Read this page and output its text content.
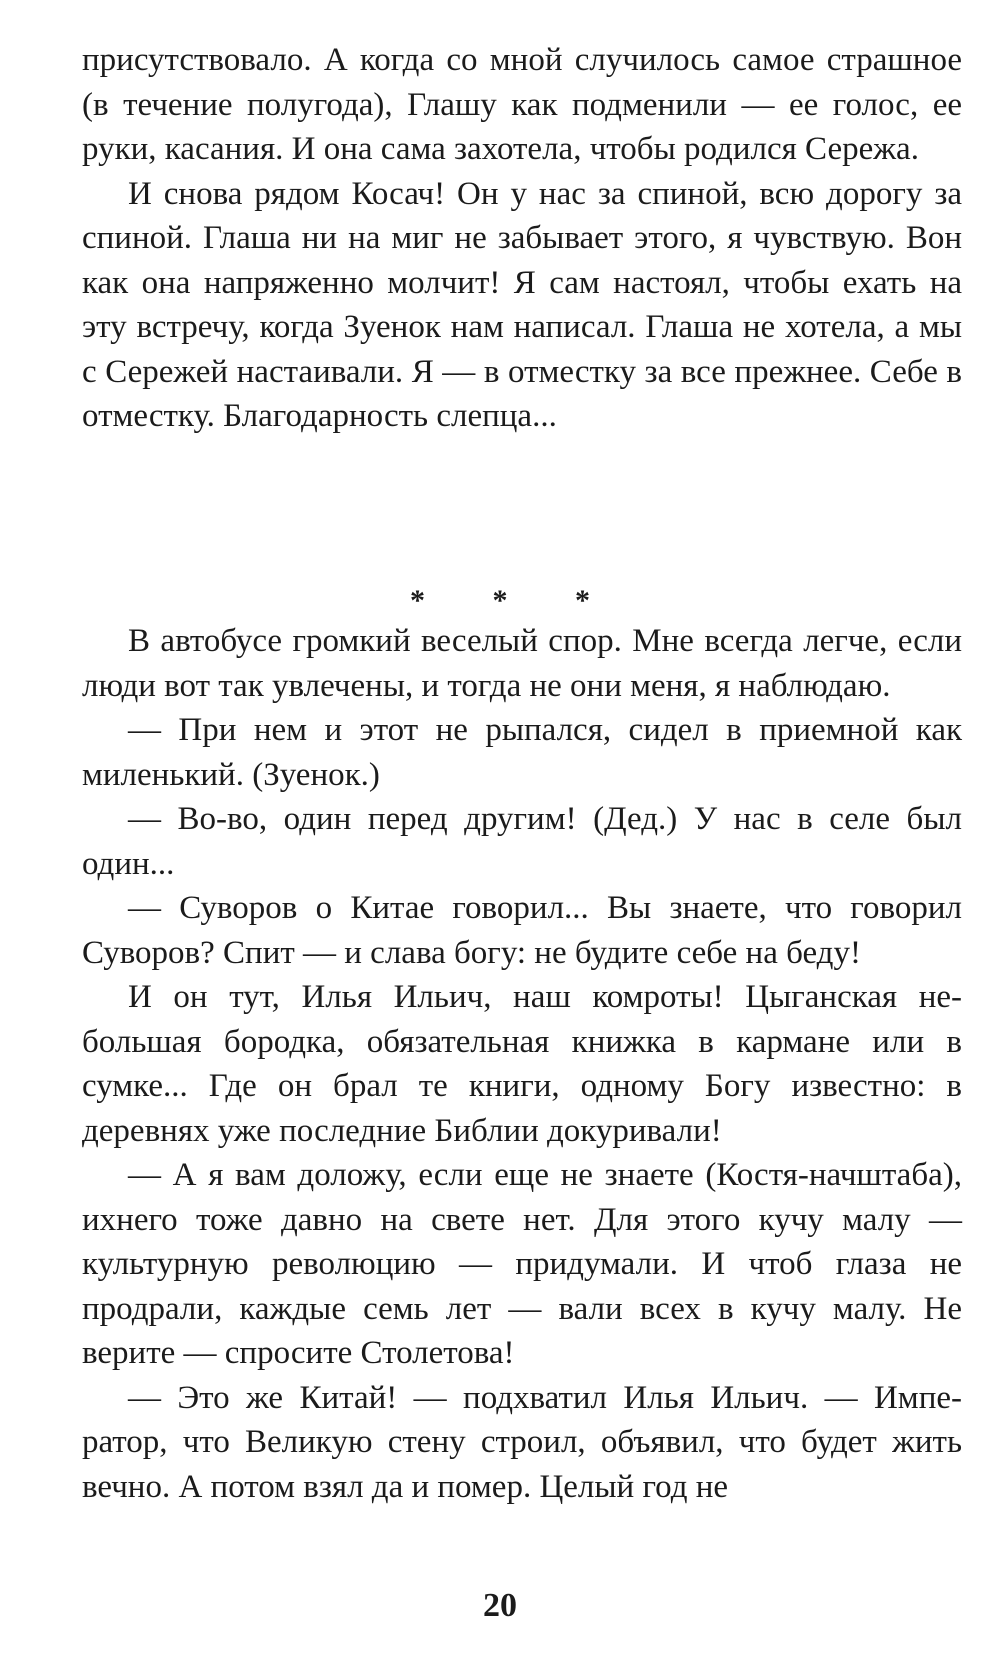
присутствовало. А когда со мной случилось самое страшное (в течение полугода), Глашу как подменили — ее голос, ее руки, касания. И она сама захотела, чтобы родился Сережа.

И снова рядом Косач! Он у нас за спиной, всю дорогу за спиной. Глаша ни на миг не забывает этого, я чувствую. Вон как она напряженно молчит! Я сам настоял, чтобы ехать на эту встречу, когда Зуенок нам написал. Глаша не хотела, а мы с Сережей настаивали. Я — в отместку за все прежнее. Себе в отместку. Благодарность слепца...

* * *

В автобусе громкий веселый спор. Мне всегда легче, если люди вот так увлечены, и тогда не они меня, я наблюдаю.

— При нем и этот не рыпался, сидел в приемной как миленький. (Зуенок.)

— Во-во, один перед другим! (Дед.) У нас в селе был один...

— Суворов о Китае говорил... Вы знаете, что говорил Суворов? Спит — и слава богу: не будите себе на беду!

И он тут, Илья Ильич, наш комроты! Цыганская небольшая бородка, обязательная книжка в кармане или в сумке... Где он брал те книги, одному Богу известно: в деревнях уже последние Библии докуривали!

— А я вам доложу, если еще не знаете (Костя-начштаба), ихнего тоже давно на свете нет. Для этого кучу малу — культурную революцию — придумали. И чтоб глаза не продрали, каждые семь лет — вали всех в кучу малу. Не верите — спросите Столетова!

— Это же Китай! — подхватил Илья Ильич. — Император, что Великую стену строил, объявил, что будет жить вечно. А потом взял да и помер. Целый год не

20
